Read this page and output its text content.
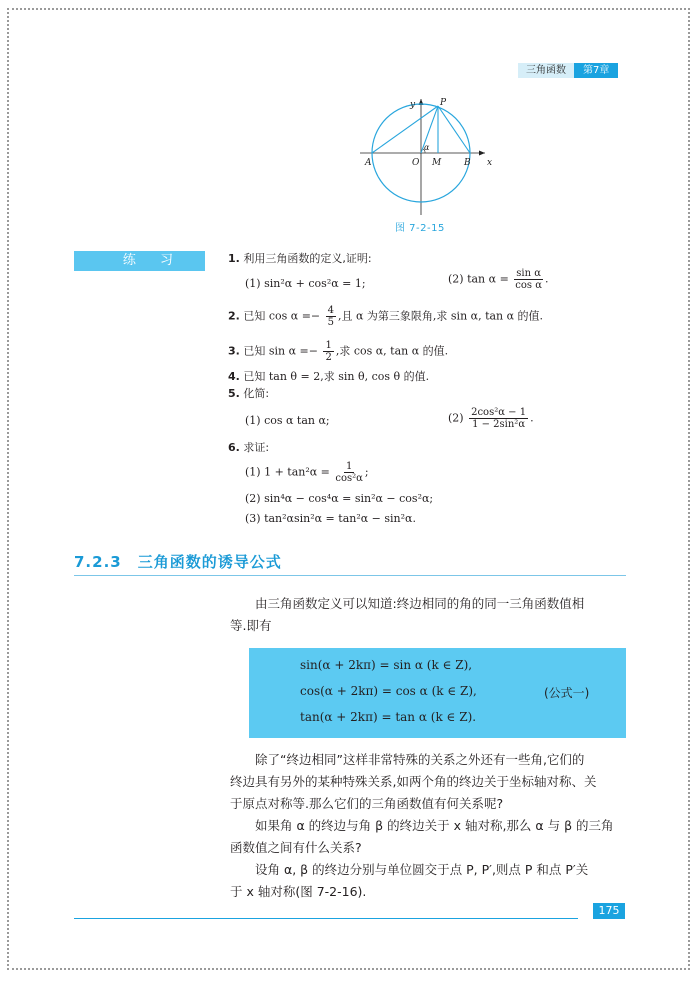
三角函数	第7章
y
x
P
A	O M	B
α
图 7-2-15
练 习	1. 利用三角函数的定义,证明:
(1) sin²α + cos²α = 1;	(2) $\tan \alpha = \frac{\text{sin α}}{\text{cos α}}$ .
2. 已知 $\cos \alpha =- \frac{4}{5}$ ,且 α 为第三象限角,求 sin α, tan α 的值.
3. 已知 $\sin \alpha =- \frac{1}{2}$ ,求 cos α, tan α 的值.
4. 已知 tan θ = 2,求 sin θ, cos θ 的值.
5. 化简:
(1) cos α tan α;	$(2) \frac{\text{2cos²α − 1}}{\text{1 − 2sin²α}}$ .
6. 求证:
(1) $1 + \tan^2\alpha = \frac{1}{\text{cos²α}}$ ;
(2) sin⁴α − cos⁴α = sin²α − cos²α;
(3) tan²αsin²α = tan²α − sin²α.
7.2.3 三角函数的诱导公式
由三角函数定义可以知道:终边相同的角的同一三角函数值相
等.即有
sin(α + 2kπ) = sin α (k ∈ Z),
cos(α + 2kπ) = cos α (k ∈ Z),
tan(α + 2kπ) = tan α (k ∈ Z).
(公式一)
除了“终边相同”这样非常特殊的关系之外还有一些角,它们的
终边具有另外的某种特殊关系,如两个角的终边关于坐标轴对称、关
于原点对称等.那么它们的三角函数值有何关系呢?
如果角 α 的终边与角 β 的终边关于 x 轴对称,那么 α 与 β 的三角
函数值之间有什么关系?
设角 α, β 的终边分别与单位圆交于点 P, P′,则点 P 和点 P′关
于 x 轴对称(图 7-2-16).
175
